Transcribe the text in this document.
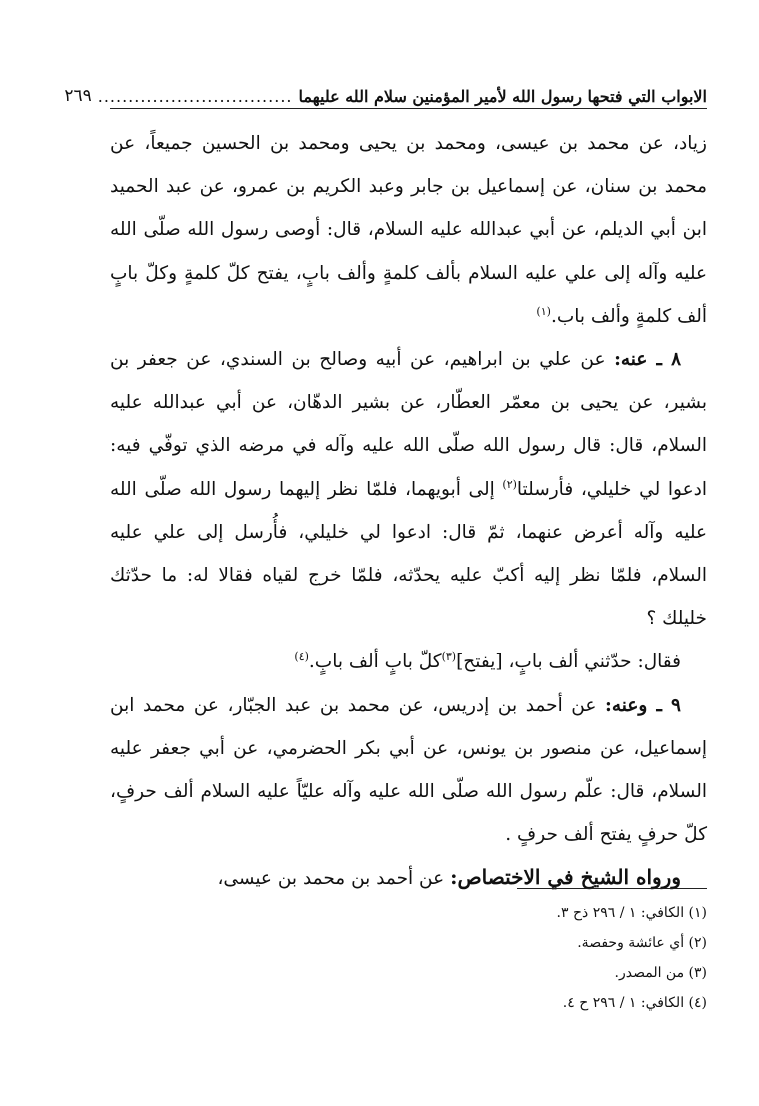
الابواب التي فتحها رسول الله لأمير المؤمنين سلام الله عليهما
................................
٢٦٩

زياد، عن محمد بن عيسى، ومحمد بن يحيى ومحمد بن الحسين جميعاً، عن محمد بن سنان، عن إسماعيل بن جابر وعبد الكريم بن عمرو، عن عبد الحميد ابن أبي الديلم، عن أبي عبدالله عليه السلام، قال: أوصى رسول الله صلّى الله عليه وآله إلى علي عليه السلام بألف كلمةٍ وألف بابٍ، يفتح كلّ كلمةٍ وكلّ بابٍ ألف كلمةٍ وألف باب.$^{(١)}$

٨ ـ عنه: عن علي بن ابراهيم، عن أبيه وصالح بن السندي، عن جعفر بن بشير، عن يحيى بن معمّر العطّار، عن بشير الدهّان، عن أبي عبدالله عليه السلام، قال: قال رسول الله صلّى الله عليه وآله في مرضه الذي توفّي فيه: ادعوا لي خليلي، فأرسلتا$^{(٢)}$ إلى أبويهما، فلمّا نظر إليهما رسول الله صلّى الله عليه وآله أعرض عنهما، ثمّ قال: ادعوا لي خليلي، فأُرسل إلى علي عليه السلام، فلمّا نظر إليه أكبّ عليه يحدّثه، فلمّا خرج لقياه فقالا له: ما حدّثك خليلك ؟

فقال: حدّثني ألف بابٍ، [يفتح]$^{(٣)}$كلّ بابٍ ألف بابٍ.$^{(٤)}$

٩ ـ وعنه: عن أحمد بن إدريس، عن محمد بن عبد الجبّار، عن محمد ابن إسماعيل، عن منصور بن يونس، عن أبي بكر الحضرمي، عن أبي جعفر عليه السلام، قال: علّم رسول الله صلّى الله عليه وآله عليّاً عليه السلام ألف حرفٍ، كلّ حرفٍ يفتح ألف حرفٍ .

ورواه الشيخ في الاختصاص: عن أحمد بن محمد بن عيسى،

(١) الكافي: ١ / ٢٩٦ ذح ٣.

(٢) أي عائشة وحفصة.

(٣) من المصدر.

(٤) الكافي: ١ / ٢٩٦ ح ٤.
